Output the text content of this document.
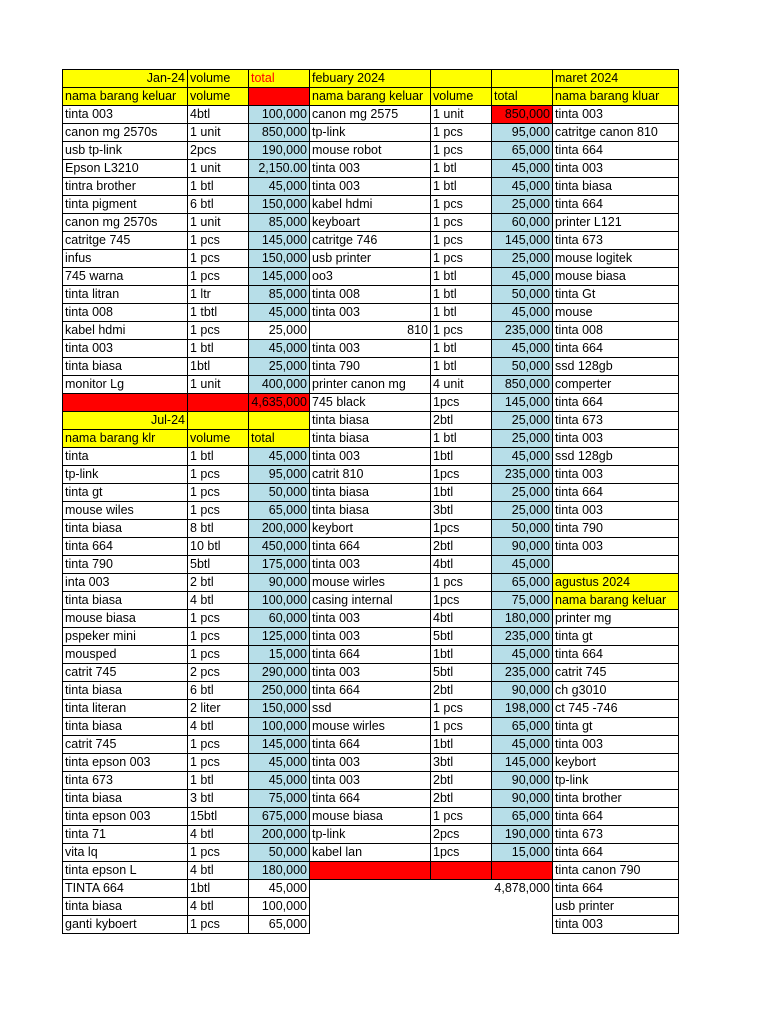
Jan-24	volume	total	febuary 2024			maret 2024
nama barang keluar	volume		nama barang keluar	volume	total	nama barang kluar
tinta 003	4btl	100,000	canon mg 2575	1 unit	850,000	tinta 003
canon mg 2570s	1 unit	850,000	tp-link	1 pcs	95,000	catritge canon 810
usb tp-link	2pcs	190,000	mouse robot	1 pcs	65,000	tinta 664
Epson L3210	1 unit	2,150.00	tinta 003	1 btl	45,000	tinta 003
tintra brother	1 btl	45,000	tinta 003	1 btl	45,000	tinta biasa
tinta pigment	6 btl	150,000	kabel hdmi	1 pcs	25,000	tinta 664
canon mg 2570s	1 unit	85,000	keyboart	1 pcs	60,000	printer L121
catritge 745	1 pcs	145,000	catritge 746	1 pcs	145,000	tinta 673
infus	1 pcs	150,000	usb printer	1 pcs	25,000	mouse logitek
745 warna	1 pcs	145,000	oo3	1 btl	45,000	mouse biasa
tinta litran	1 ltr	85,000	tinta 008	1 btl	50,000	tinta Gt
tinta 008	1 tbtl	45,000	tinta 003	1 btl	45,000	mouse
kabel hdmi	1 pcs	25,000	810	1 pcs	235,000	tinta 008
tinta 003	1 btl	45,000	tinta 003	1 btl	45,000	tinta 664
tinta biasa	1btl	25,000	tinta 790	1 btl	50,000	ssd 128gb
monitor Lg	1 unit	400,000	printer canon mg	4 unit	850,000	comperter
		4,635,000	745 black	1pcs	145,000	tinta 664
Jul-24			tinta biasa	2btl	25,000	tinta 673
nama barang klr	volume	total	tinta biasa	1 btl	25,000	tinta 003
tinta	1 btl	45,000	tinta 003	1btl	45,000	ssd 128gb
tp-link	1 pcs	95,000	catrit 810	1pcs	235,000	tinta 003
tinta gt	1 pcs	50,000	tinta biasa	1btl	25,000	tinta 664
mouse wiles	1 pcs	65,000	tinta biasa	3btl	25,000	tinta 003
tinta biasa	8 btl	200,000	keybort	1pcs	50,000	tinta 790
tinta 664	10 btl	450,000	tinta 664	2btl	90,000	tinta 003
tinta 790	5btl	175,000	tinta 003	4btl	45,000	
inta 003	2 btl	90,000	mouse wirles	1 pcs	65,000	agustus 2024
tinta biasa	4 btl	100,000	casing internal	1pcs	75,000	nama barang keluar
mouse biasa	1 pcs	60,000	tinta 003	4btl	180,000	printer mg
pspeker mini	1 pcs	125,000	tinta 003	5btl	235,000	tinta gt
mousped	1 pcs	15,000	tinta 664	1btl	45,000	tinta 664
catrit 745	2 pcs	290,000	tinta 003	5btl	235,000	catrit 745
tinta biasa	6 btl	250,000	tinta 664	2btl	90,000	ch g3010
tinta literan	2 liter	150,000	ssd	1 pcs	198,000	ct 745 -746
tinta biasa	4 btl	100,000	mouse wirles	1 pcs	65,000	tinta gt
catrit 745	1 pcs	145,000	tinta 664	1btl	45,000	tinta 003
tinta epson 003	1 pcs	45,000	tinta 003	3btl	145,000	keybort
tinta 673	1 btl	45,000	tinta 003	2btl	90,000	tp-link
tinta biasa	3 btl	75,000	tinta 664	2btl	90,000	tinta brother
tinta epson 003	15btl	675,000	mouse biasa	1 pcs	65,000	tinta 664
tinta 71	4 btl	200,000	tp-link	2pcs	190,000	tinta 673
vita lq	1 pcs	50,000	kabel lan	1pcs	15,000	tinta 664
tinta epson L	4 btl	180,000				tinta canon 790
TINTA 664	1btl	45,000			4,878,000	tinta 664
tinta biasa	4 btl	100,000				usb printer
ganti kyboert	1 pcs	65,000				tinta 003
